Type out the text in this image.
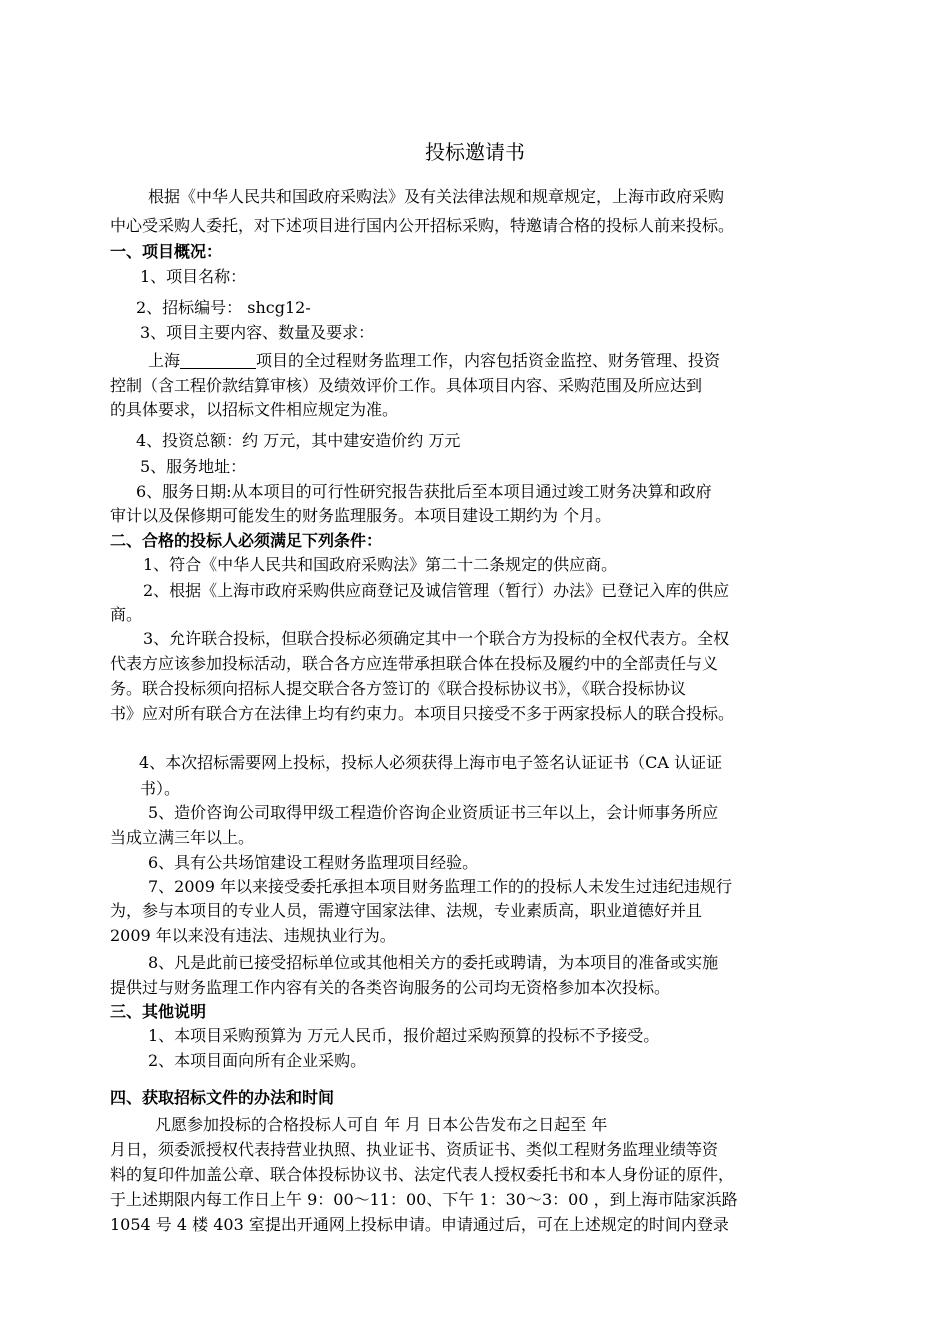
投标邀请书
根据《中华人民共和国政府采购法》及有关法律法规和规章规定，上海市政府采购
中心受采购人委托，对下述项目进行国内公开招标采购，特邀请合格的投标人前来投标。
一、项目概况：
1、项目名称：
2、招标编号： shcg12-
3、项目主要内容、数量及要求：
上海	项目的全过程财务监理工作，内容包括资金监控、财务管理、投资
控制（含工程价款结算审核）及绩效评价工作。具体项目内容、采购范围及所应达到
的具体要求，以招标文件相应规定为准。
4、投资总额：约 万元，其中建安造价约 万元
5、服务地址：
6、服务日期:从本项目的可行性研究报告获批后至本项目通过竣工财务决算和政府
审计以及保修期可能发生的财务监理服务。本项目建设工期约为 个月。
二、合格的投标人必须满足下列条件：
1、符合《中华人民共和国政府采购法》第二十二条规定的供应商。
2、根据《上海市政府采购供应商登记及诚信管理（暂行）办法》已登记入库的供应
商。
3、允许联合投标，但联合投标必须确定其中一个联合方为投标的全权代表方。全权
代表方应该参加投标活动，联合各方应连带承担联合体在投标及履约中的全部责任与义
务。联合投标须向招标人提交联合各方签订的《联合投标协议书》，《联合投标协议
书》应对所有联合方在法律上均有约束力。本项目只接受不多于两家投标人的联合投标。
4、本次招标需要网上投标，投标人必须获得上海市电子签名认证证书（CA 认证证
书）。
5、造价咨询公司取得甲级工程造价咨询企业资质证书三年以上，会计师事务所应
当成立满三年以上。
6、具有公共场馆建设工程财务监理项目经验。
7、2009 年以来接受委托承担本项目财务监理工作的的投标人未发生过违纪违规行
为，参与本项目的专业人员，需遵守国家法律、法规，专业素质高，职业道德好并且
2009 年以来没有违法、违规执业行为。
8、凡是此前已接受招标单位或其他相关方的委托或聘请，为本项目的准备或实施
提供过与财务监理工作内容有关的各类咨询服务的公司均无资格参加本次投标。
三、其他说明
1、本项目采购预算为 万元人民币，报价超过采购预算的投标不予接受。
2、本项目面向所有企业采购。
四、获取招标文件的办法和时间
凡愿参加投标的合格投标人可自 年 月 日本公告发布之日起至 年
月日，须委派授权代表持营业执照、执业证书、资质证书、类似工程财务监理业绩等资
料的复印件加盖公章、联合体投标协议书、法定代表人授权委托书和本人身份证的原件，
于上述期限内每工作日上午 9：00～11：00、下午 1：30～3：00 ，到上海市陆家浜路
1054 号 4 楼 403 室提出开通网上投标申请。申请通过后，可在上述规定的时间内登录
